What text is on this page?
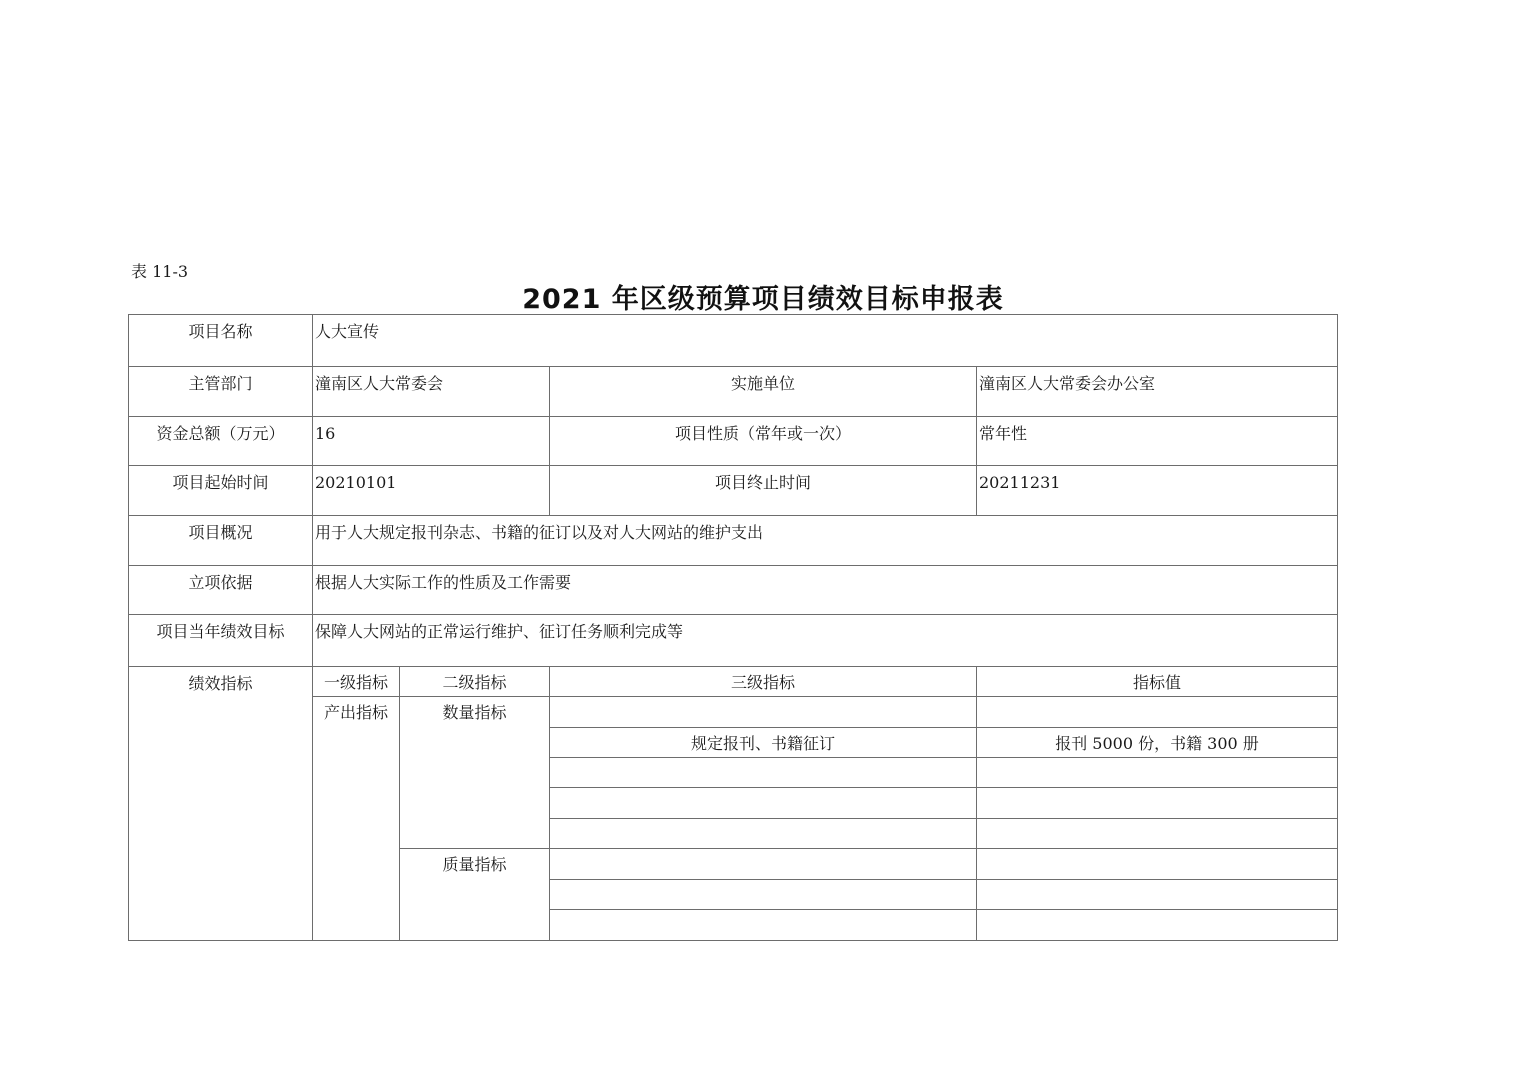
表 11-3
2021 年区级预算项目绩效目标申报表
项目名称	人大宣传			
主管部门	潼南区人大常委会		实施单位	潼南区人大常委会办公室
资金总额（万元）	16		项目性质（常年或一次）	常年性
项目起始时间	20210101		项目终止时间	20211231
项目概况	用于人大规定报刊杂志、书籍的征订以及对人大网站的维护支出			
立项依据	根据人大实际工作的性质及工作需要			
项目当年绩效目标	保障人大网站的正常运行维护、征订任务顺利完成等			
绩效指标	一级指标	二级指标	三级指标	指标值
	产出指标	数量指标		
			规定报刊、书籍征订	报刊 5000 份，书籍 300 册

		质量指标		
